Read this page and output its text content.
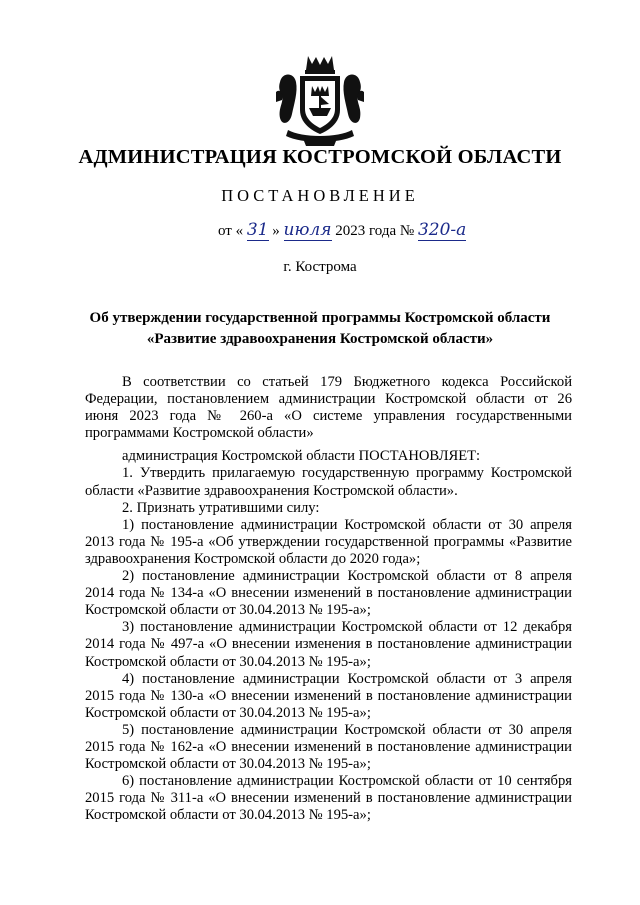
АДМИНИСТРАЦИЯ КОСТРОМСКОЙ ОБЛАСТИ
ПОСТАНОВЛЕНИЕ
от « 31 » июля 2023 года № 320-а
г. Кострома
Об утверждении государственной программы Костромской области
«Развитие здравоохранения Костромской области»

В соответствии со статьей 179 Бюджетного кодекса Российской Федерации, постановлением администрации Костромской области от 26 июня 2023 года № 260-а «О системе управления государственными программами Костромской области»

администрация Костромской области ПОСТАНОВЛЯЕТ:

1. Утвердить прилагаемую государственную программу Костромской области «Развитие здравоохранения Костромской области».

2. Признать утратившими силу:

1) постановление администрации Костромской области от 30 апреля 2013 года № 195-а «Об утверждении государственной программы «Развитие здравоохранения Костромской области до 2020 года»;

2) постановление администрации Костромской области от 8 апреля 2014 года № 134-а «О внесении изменений в постановление администрации Костромской области от 30.04.2013 № 195-а»;

3) постановление администрации Костромской области от 12 декабря 2014 года № 497-а «О внесении изменения в постановление администрации Костромской области от 30.04.2013 № 195-а»;

4) постановление администрации Костромской области от 3 апреля 2015 года № 130-а «О внесении изменений в постановление администрации Костромской области от 30.04.2013 № 195-а»;

5) постановление администрации Костромской области от 30 апреля 2015 года № 162-а «О внесении изменений в постановление администрации Костромской области от 30.04.2013 № 195-а»;

6) постановление администрации Костромской области от 10 сентября 2015 года № 311-а «О внесении изменений в постановление администрации Костромской области от 30.04.2013 № 195-а»;
